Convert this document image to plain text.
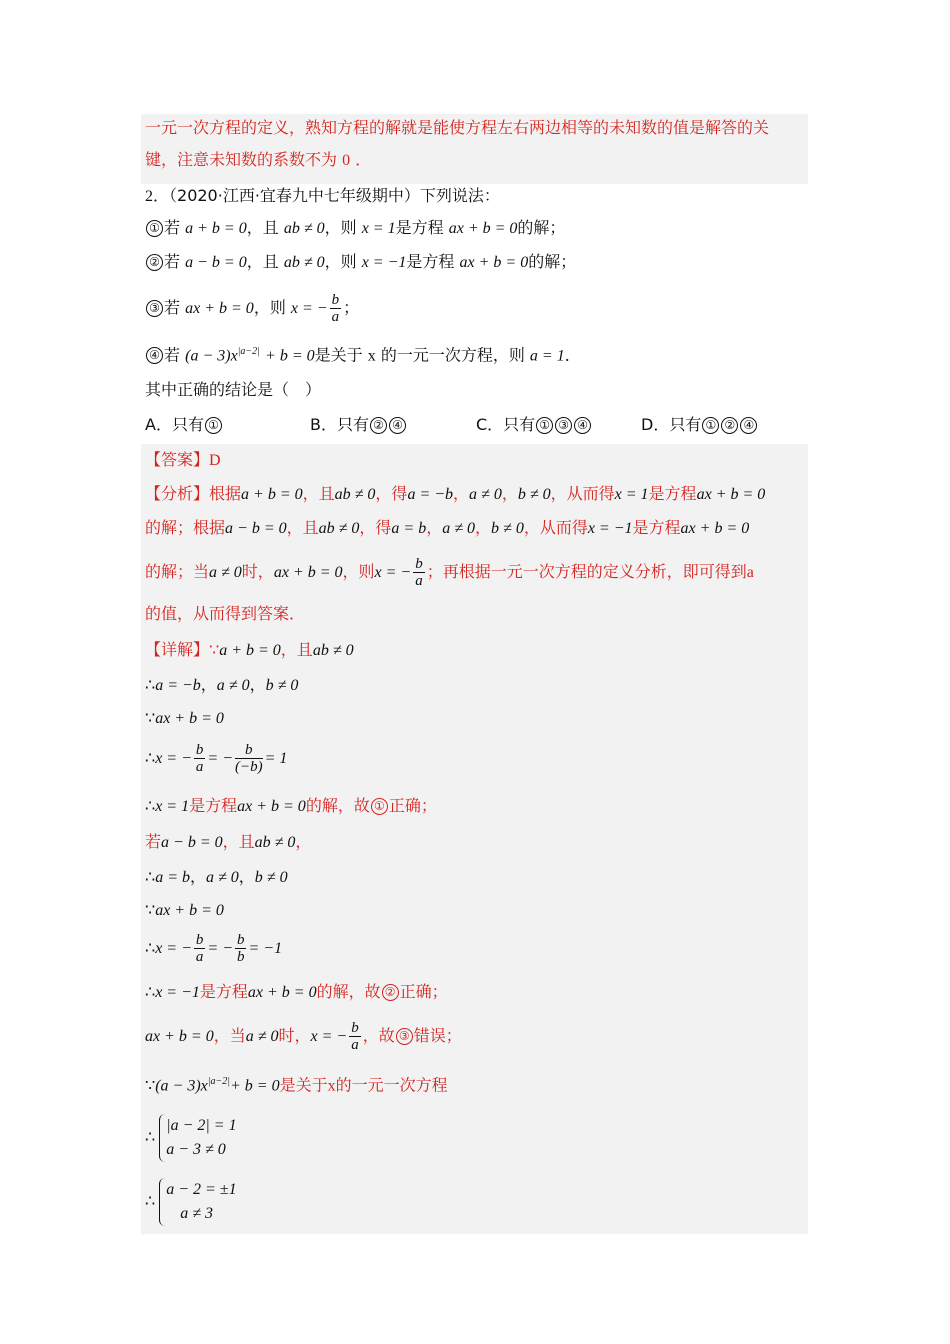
一元一次方程的定义，熟知方程的解就是能使方程左右两边相等的未知数的值是解答的关
键，注意未知数的系数不为 0 ．
2．（2020·江西·宜春九中七年级期中）下列说法：
① 若 a + b = 0，且 ab ≠ 0，则 x = 1是方程 ax + b = 0的解；
② 若 a − b = 0，且 ab ≠ 0，则 x = −1是方程 ax + b = 0的解；
③ 若 ax + b = 0，则 x = − $\frac{b}{a}$ ；
④ 若 $(a - 3)x^{|a-2|} + b = 0$是关于 x 的一元一次方程，则 a = 1．
其中正确的结论是（　）
A．只有 ①	B．只有 ② ④	C．只有 ① ③ ④	D．只有 ① ② ④
【答案】D
【分析】根据a + b = 0，且ab ≠ 0，得a = −b，a ≠ 0，b ≠ 0，从而得x = 1是方程ax + b = 0
的解；根据a − b = 0，且ab ≠ 0，得a = b，a ≠ 0，b ≠ 0，从而得x = −1是方程ax + b = 0
的解；当a ≠ 0时，ax + b = 0，则x = − $\frac{b}{a}$ ；再根据一元一次方程的定义分析，即可得到a
的值，从而得到答案．
【详解】∵a + b = 0，且ab ≠ 0
∴a = −b，a ≠ 0，b ≠ 0
∵ax + b = 0
∴x = − $\frac{b}{a}$ = − $\frac{b}{(-b)} = 1$
∴x = 1是方程ax + b = 0的解，故 ① 正确；
若a − b = 0，且ab ≠ 0，
∴a = b，a ≠ 0，b ≠ 0
∵ax + b = 0
∴x = − $\frac{b}{a}$ = − $\frac{b}{b} = -1$
∴x = −1是方程ax + b = 0的解，故 ② 正确；
ax + b = 0，当a ≠ 0时，x = − $\frac{b}{a}$ ，故 ③ 错误；
∵(a − $3)x^{|a-2|}+ b = 0$是关于x的一元一次方程
∴
|a − 2| = 1
a − 3 ≠ 0
∴
a − 2 = ±1
a ≠ 3
